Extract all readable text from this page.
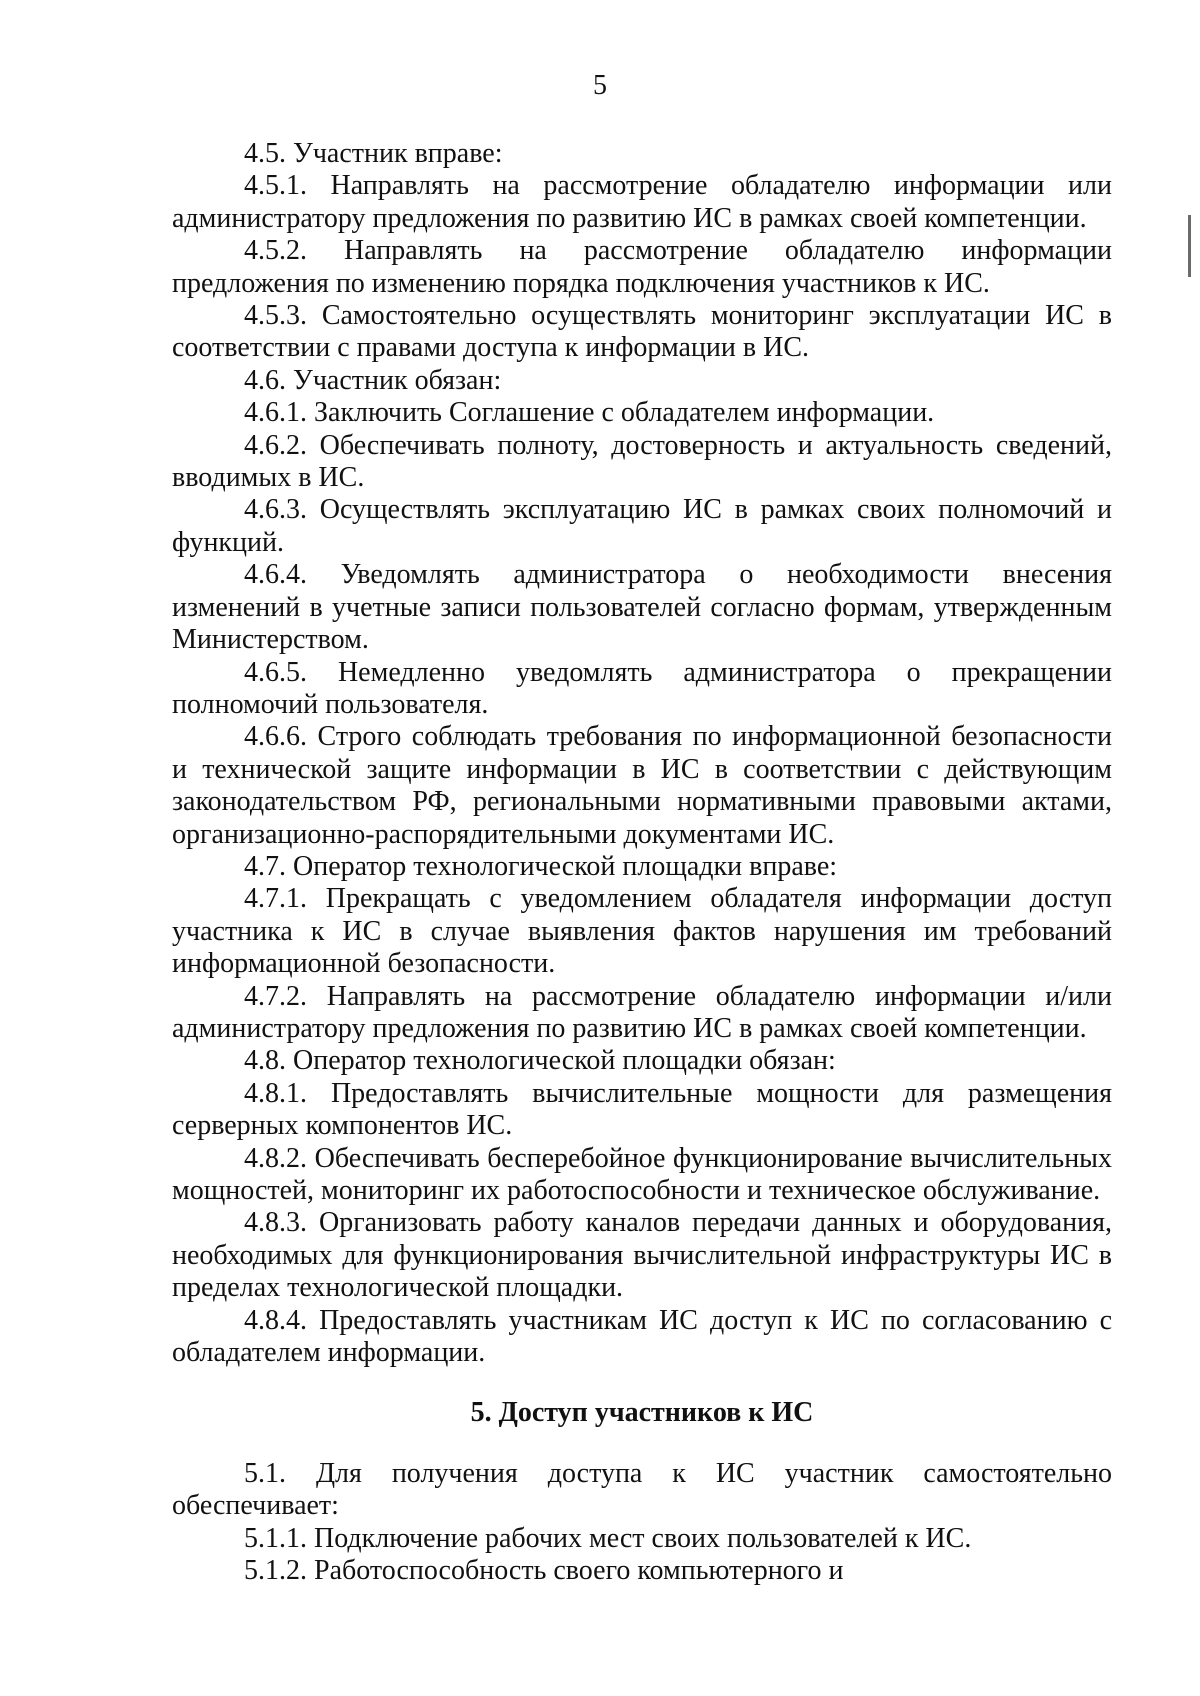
5

4.5. Участник вправе:

4.5.1. Направлять на рассмотрение обладателю информации или администратору предложения по развитию ИС в рамках своей компетенции.

4.5.2. Направлять на рассмотрение обладателю информации предложения по изменению порядка подключения участников к ИС.

4.5.3. Самостоятельно осуществлять мониторинг эксплуатации ИС в соответствии с правами доступа к информации в ИС.

4.6. Участник обязан:

4.6.1. Заключить Соглашение с обладателем информации.

4.6.2. Обеспечивать полноту, достоверность и актуальность сведений, вводимых в ИС.

4.6.3. Осуществлять эксплуатацию ИС в рамках своих полномочий и функций.

4.6.4. Уведомлять администратора о необходимости внесения изменений в учетные записи пользователей согласно формам, утвержденным Министерством.

4.6.5. Немедленно уведомлять администратора о прекращении полномочий пользователя.

4.6.6. Строго соблюдать требования по информационной безопасности и технической защите информации в ИС в соответствии с действующим законодательством РФ, региональными нормативными правовыми актами, организационно-распорядительными документами ИС.

4.7. Оператор технологической площадки вправе:

4.7.1. Прекращать с уведомлением обладателя информации доступ участника к ИС в случае выявления фактов нарушения им требований информационной безопасности.

4.7.2. Направлять на рассмотрение обладателю информации и/или администратору предложения по развитию ИС в рамках своей компетенции.

4.8. Оператор технологической площадки обязан:

4.8.1. Предоставлять вычислительные мощности для размещения серверных компонентов ИС.

4.8.2. Обеспечивать бесперебойное функционирование вычислительных мощностей, мониторинг их работоспособности и техническое обслуживание.

4.8.3. Организовать работу каналов передачи данных и оборудования, необходимых для функционирования вычислительной инфраструктуры ИС в пределах технологической площадки.

4.8.4. Предоставлять участникам ИС доступ к ИС по согласованию с обладателем информации.

5. Доступ участников к ИС

5.1. Для получения доступа к ИС участник самостоятельно обеспечивает:

5.1.1. Подключение рабочих мест своих пользователей к ИС.

5.1.2. Работоспособность своего компьютерного и
